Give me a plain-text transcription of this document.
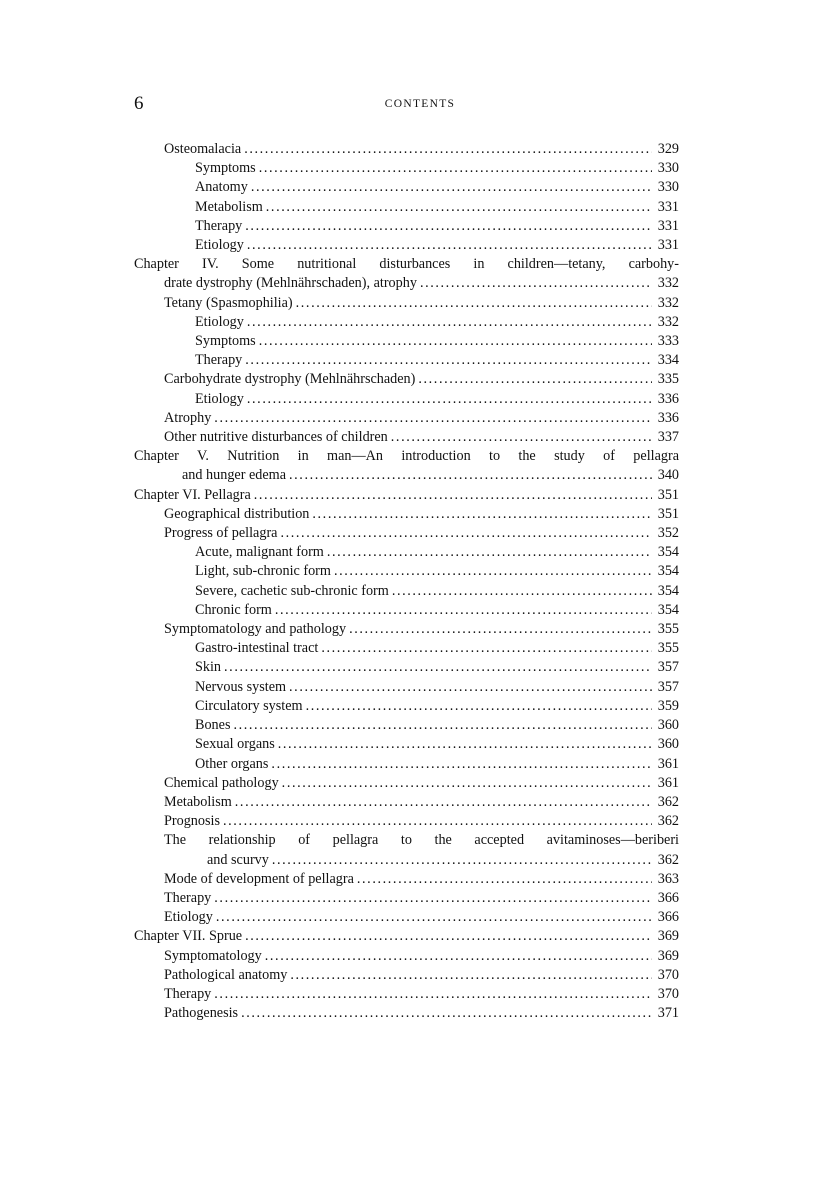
6	CONTENTS
Osteomalacia .....	329
Symptoms .....	330
Anatomy .....	330
Metabolism .....	331
Therapy .....	331
Etiology .....	331
Chapter IV. Some nutritional disturbances in children—tetany, carbohy-
drate dystrophy (Mehlnährschaden), atrophy .....	332
Tetany (Spasmophilia) .....	332
Etiology .....	332
Symptoms .....	333
Therapy .....	334
Carbohydrate dystrophy (Mehlnährschaden) .....	335
Etiology .....	336
Atrophy .....	336
Other nutritive disturbances of children .....	337
Chapter V. Nutrition in man—An introduction to the study of pellagra
and hunger edema .....	340
Chapter VI. Pellagra .....	351
Geographical distribution .....	351
Progress of pellagra .....	352
Acute, malignant form .....	354
Light, sub-chronic form .....	354
Severe, cachetic sub-chronic form .....	354
Chronic form .....	354
Symptomatology and pathology .....	355
Gastro-intestinal tract .....	355
Skin .....	357
Nervous system .....	357
Circulatory system .....	359
Bones .....	360
Sexual organs .....	360
Other organs .....	361
Chemical pathology .....	361
Metabolism .....	362
Prognosis .....	362
The relationship of pellagra to the accepted avitaminoses—beriberi
and scurvy .....	362
Mode of development of pellagra .....	363
Therapy .....	366
Etiology .....	366
Chapter VII. Sprue .....	369
Symptomatology .....	369
Pathological anatomy .....	370
Therapy .....	370
Pathogenesis .....	371
